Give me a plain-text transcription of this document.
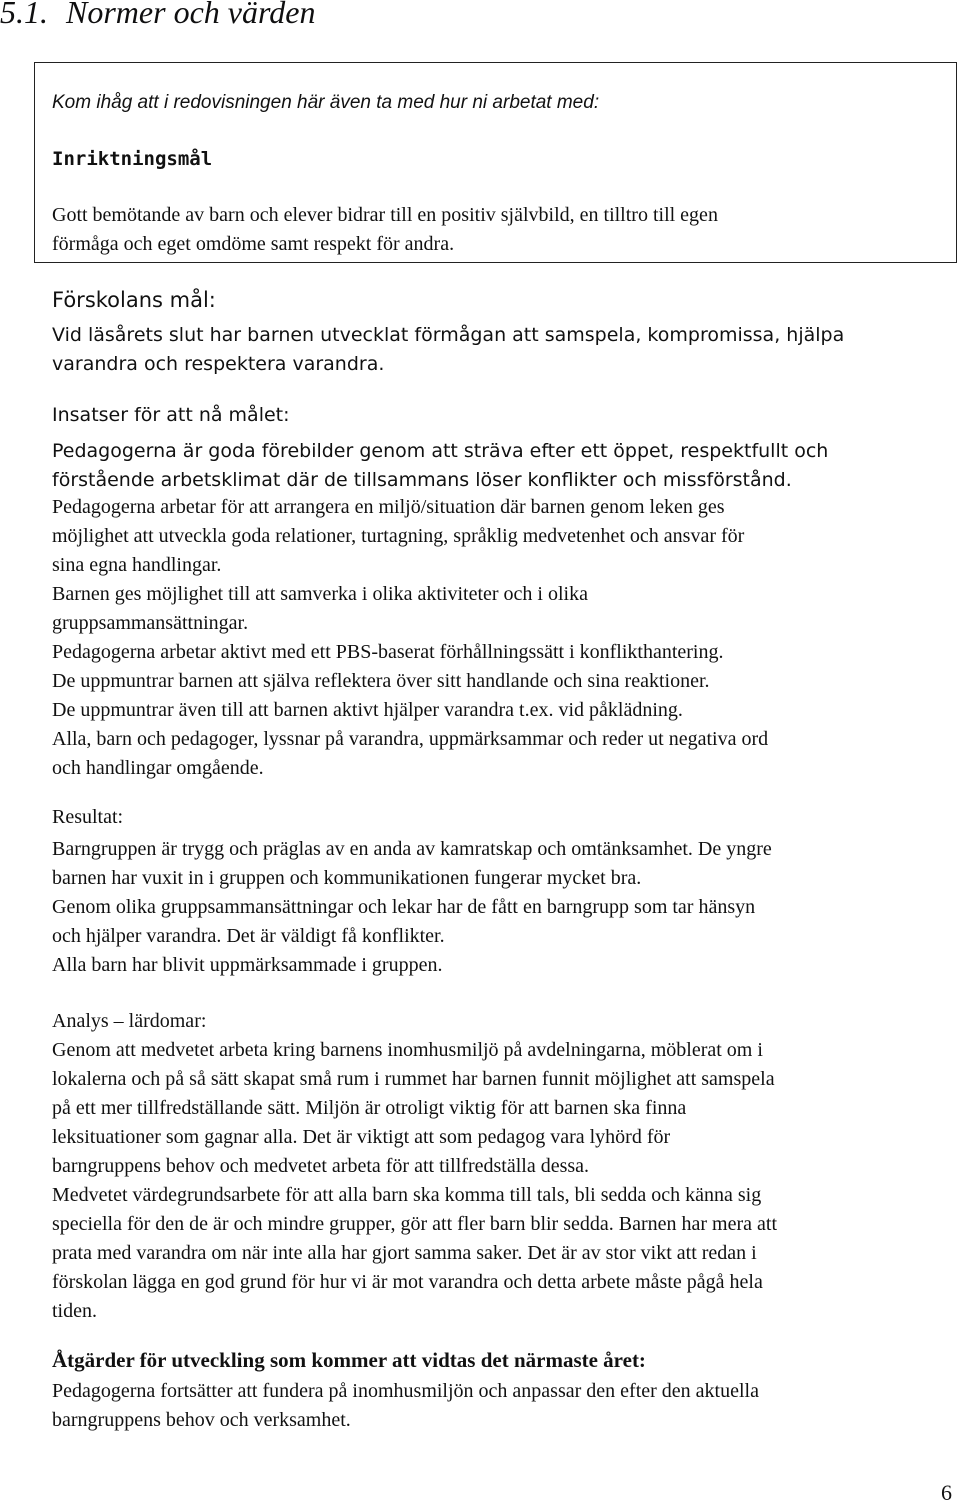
5.1. Normer och värden

Kom ihåg att i redovisningen här även ta med hur ni arbetat med:

Inriktningsmål

Gott bemötande av barn och elever bidrar till en positiv självbild, en tilltro till egen
förmåga och eget omdöme samt respekt för andra.

Förskolans mål:

Vid läsårets slut har barnen utvecklat förmågan att samspela, kompromissa, hjälpa
varandra och respektera varandra.

Insatser för att nå målet:

Pedagogerna är goda förebilder genom att sträva efter ett öppet, respektfullt och
förstående arbetsklimat där de tillsammans löser konflikter och missförstånd.
Pedagogerna arbetar för att arrangera en miljö/situation där barnen genom leken ges
möjlighet att utveckla goda relationer, turtagning, språklig medvetenhet och ansvar för
sina egna handlingar.
Barnen ges möjlighet till att samverka i olika aktiviteter och i olika
gruppsammansättningar.
Pedagogerna arbetar aktivt med ett PBS-baserat förhållningssätt i konflikthantering.
De uppmuntrar barnen att själva reflektera över sitt handlande och sina reaktioner.
De uppmuntrar även till att barnen aktivt hjälper varandra t.ex. vid påklädning.
Alla, barn och pedagoger, lyssnar på varandra, uppmärksammar och reder ut negativa ord
och handlingar omgående.

Resultat:

Barngruppen är trygg och präglas av en anda av kamratskap och omtänksamhet. De yngre
barnen har vuxit in i gruppen och kommunikationen fungerar mycket bra.
Genom olika gruppsammansättningar och lekar har de fått en barngrupp som tar hänsyn
och hjälper varandra. Det är väldigt få konflikter.
Alla barn har blivit uppmärksammade i gruppen.

Analys – lärdomar:

Genom att medvetet arbeta kring barnens inomhusmiljö på avdelningarna, möblerat om i
lokalerna och på så sätt skapat små rum i rummet har barnen funnit möjlighet att samspela
på ett mer tillfredställande sätt. Miljön är otroligt viktig för att barnen ska finna
leksituationer som gagnar alla. Det är viktigt att som pedagog vara lyhörd för
barngruppens behov och medvetet arbeta för att tillfredställa dessa.
Medvetet värdegrundsarbete för att alla barn ska komma till tals, bli sedda och känna sig
speciella för den de är och mindre grupper, gör att fler barn blir sedda. Barnen har mera att
prata med varandra om när inte alla har gjort samma saker. Det är av stor vikt att redan i
förskolan lägga en god grund för hur vi är mot varandra och detta arbete måste pågå hela
tiden.

Åtgärder för utveckling som kommer att vidtas det närmaste året:

Pedagogerna fortsätter att fundera på inomhusmiljön och anpassar den efter den aktuella
barngruppens behov och verksamhet.

6
